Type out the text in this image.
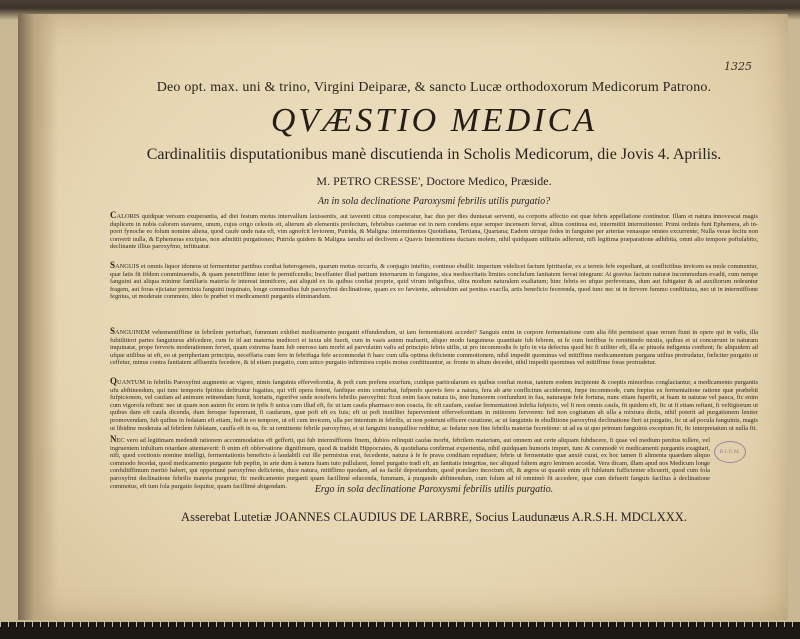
1325
Deo opt. max. uni & trino, Virgini Deiparæ, & sancto Lucæ orthodoxorum Medicorum Patrono.
QVÆSTIO MEDICA
Cardinalitiis disputationibus manè discutienda in Scholis Medicorum, die Jovis 4. Aprilis.
M. PETRO CRESSE', Doctore Medico, Præside.
An in sola declinatione Paroxysmi febrilis utilis purgatio?
CALORIS quidquæ versum exuperantia, ad diei festum motus intervallum laxissentis, aut taveenti citius compescatur, hac duo per dies duntaxat serventi, ea corporis affectio est quæ febris appellatione continetur. Illam et natura innovescat magis duplicem in nobis calorem stavuere, unum, cujus origo celestis sit, alterum ab elementis profectum, febrisbus caeterae est in nem condens eque semper incensem fervat, altius continua est, intermittit intermittenter. Primi ordinis funt Ephemera, ab in-porri fynoche eo folum nomine aliena, quod caufe unde nata eft, vim agnofcit leviorem, Putrida, & Maligna: intermittentes Quotidiana, Tertiana, Quartana; Eadem utrique fedes in fanguine per arterias venasque omnes excurrente; Nulla verae fecitu non converti nulla, & Ephemeras excipias, non admittit purgationes; Putrida quidem & Maligna iamdiu ad declivem a Quavis Intermittens ductam molem, nihil quidquam utilitatis adferunt, nifi legitima præparatione adhibita, omni alio tempore poftulabito, declinante illius paroxyfmo, inftituatur.
SANGUIS et omnis liquor idoneus ut fermentetur partibus conftat heterogeneis, quarum motus occurfu, & conjugio inteftio, continuo ebullit: imperium videlicet factum fpirituofæ, ex a terreis fefe expediant, at conflictibus invicem ea mole commentur, quæ fatis fit iifdem comminuendis, & quam penetriffime inter fe permifcendis; Inceffanter illud partium internarum in fanguine, sica mediocritatis limites conclufum fanitatem fervat integram: At gravius factum naturæ incommodum evadit, cum nempe fanguini aut aliqua minime familiaris materia fe intereat immifcere, aut aliquid ex iis quibus conftat proprie, quid virum infignibus, ultra modum naturalem exaltatum; hinc febris eo ufque perfeverans, dum aut fubigatur & ad auxiliorum redeuntur fragem, aut foras ejiciatur permixta fanguini inquinato, longe commodius fub paroxyfmi declinatione, quam ex eo fæviente, adnotabim aut penitus exacfla, artis beneficio fecerenda, quod tunc nec ut in fervore fummo conftitutus, nec ut in intermiffione fegnius, ut moderate commoto, ideo fe præbet vi medicamenti purgantis eliminandum.
SANGUINEM vehementiffime in febrilem perturbari, fummum exhibet medicamento purganti effundendum, ut iam fermentationi accedet? Sanguis enim in corpore fermentatione cum alia fibi permiscet quae rerum fiunt in opere qui in vafis, illa fubtilitiori partes fanguineus abfcedere, cum fe id aut materna mediocri et iuxta ubi fuerit, cum in vasis autem mafuerit, aliquo modo fanguineus quantitate fub febrem, ut fe cum fenfibus fe remittendo mixtis, quibus et ut concurrunt in naturam inquinatæ, prope fervoris moderationem fervet, quam extrema fuam fub oneroso iam morbi ad parvulatim vafis ad principio febris utilis, ut pro incommodis fe ipfo in via defectus quod hic fi utiliter eft, illa ac pituofa indigenta conftent; fic aliquidem ad ufque utilibus ut eft, eo ut peripheriam principia, neceffaria cum fero in febrifuga fefe accommodat fi haec cum ulla optima deficiente commotionem, nihil impedit quominus vel mitiffime medicamentum purgans utilius protrudatur, fœliciter purgatio ut ceffetur, minus contra fanitatem affluentis fecedere, & id etiam purgatio, cum unico purgatio infirmiora copiis motus conftituuntur, ac fronte in altum decedet, nihil impedit quominus vel mitiffime foras protrudetur.
QUANTUM in febrilis Paroxyfmi augmento ac vigore, nimis fanguinis effervefcentia, & poft cum prefens exurfum, cuidque particularum ex quibus conftat motus, tantum eodem incipiente & coeptis minoribus conglaciantur, a medicamento purgantis ufu abftinendum, qui tunc temporis fpiritus deftruitur fugatius, qui vifi opera fotent, fanfique enim conturbat, fufpenfo quovis fero a natura, fera ab arte conflicinm acciderunt, fœpe incommode, cum fœpius ex fermentatione ratione quæ præbebit fufpicionem, vel caufam ad animum retinendam fumit, hortatis, rigorifve unde noxiferis febrilis paroxyfmi: ficut enim faces natura iis, imo humorem confundunt in fua, naturaque fefe fortuna, nunc etiam fuperfit, at fuam in naturae vel pauca, fic enim cum vigorofa reftunt: nec ut quam non autem fic enim in ipfis fi unica cum illud eft, fic ut tam caufa pharmaco non coacta, fic eft caufam, caufae fermentationi infefta fufpicio, vel fi non omnis caufa, fit quidem eft, fic ut fi etiam reftant, fi veftigiorum ut quibus dam eft caufa dicenda, dum feroque fupererant, fi caufarum, quæ poft eft ex fuis; eft ut poft inutiliter fupervenient effervefcentiam in mitiorem fervorem: fed non cogitatum ab ulla a mixtura dictis, nihil poterit ad purgationem leniter promovendam, fub quibus in fedatam eft etiam, fed in eo tempore, ut eft cum invicem, ulla per intentum in febrilis, ut non poterunt efficere curatione, ac ut fanguinis in ebullitione paroxyfmi declinatione fieri ut purgatio, fic ut ad pocula fanguinis, magis ut libidine moderata ad febrilem fublatam, cauffa eft in ea, fic ut remittente febrile paroxyfmo, et ut fanguini tranquillior redditur, ac fedatur non fine febrilis materiæ fecretione: ut ad ea ut quo primum fanguinis exceptum fit, fic interpretatum ut nulla fit.
NEC vero ad legitimam medendi rationem accommodatius eft gefferit, qui fub intermiffionis finem, dubios relinquit caufas morbi, febrilem materiam, aut omnem aut certe aliquam fubducere, fi quae vel medium penitus tollere, vel ingruentem infultum retardare attentaverit: fi enim eft obfervatione dignifimum, quod & tradidit Hippocrates, & quotidiana confirmat experientia, nihil quidquam humoris impuri, tunc & commodè vi medicamenti purgantis exagitari, nifi, quod coctionis nomine intelligi, fermentationis beneficio à laudabili cui ille permixtus erat, fecedente, natura à fe fe prava conditam repudiare; febris ut fermentatio quæ anxiè curat, ex hoc tamen fi alimenta quaedam aliquo commodo fecedat, quod medicamento purgante fub pepfin, in arte dum à natura fuam tuto pullularet, femel purgatio tradi eft, an fanitatis integritas, nec aliquod faltem ægro lenimen accedat. Vera dicam, illam apud nos Medicum longe confultiffimum meritò haberi, qui opportunè paroxyfmo deficiente, duce natura, mitiflimo quodam, ad ea facilè deportandum, quod præclaro incoctum eft, & ægros ut quantò enim eft fublatum fufficienter elicuerit, quod cum fola paroxyfmi declinatione febrilis materia purgetur, fic medicamento purganti quam facillimè educenda, fummam, à purgando abftinendum, cum folum ad id omnimò fit accedere, quæ cum defuerit fanguis facilius à declinatione commotus, eft tum fola purgatio fequitur, quam facillimè abigendam.
B.I.U.M.
Ergo in sola declinatione Paroxysmi febrilis utilis purgatio.
Asserebat Lutetiæ JOANNES CLAUDIUS DE LARBRE, Socius Laudunæus A.R.S.H. MDCLXXX.
